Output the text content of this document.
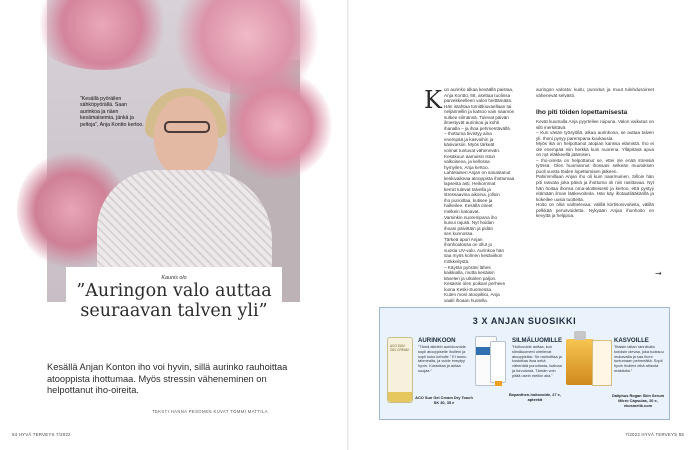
”Kesällä pyöräilen sähköpyörällä. Saan aurinkoa ja näen kesämaisemia, jänkä ja peltoja”, Anja Kontto kertoo.
Kaunis olo
”Auringon valo auttaa seuraavan talven yli”
Kesällä Anjan Konton iho voi hyvin, sillä aurinko rauhoittaa atooppista ihottumaa. Myös stressin väheneminen on helpottanut iho-oireita.
TEKSTI HANNA PESONEN KUVAT TOMMI MATTILA
54 HYVÄ TERVEYS 7/2022
K un aurinko alkaa keväällä paistaa,
Anja Kontto, 68, asettaa tuolinsa
parvekkeelleen valon heittämään.
Hän istahtaa tomittkiuvaellaan tai
neljännellin ja katsoo vain naamon
sulkee silmänsä. Tulevat päivän
ilmestyvät aurinkoa ja kohti
ihanalla – ja ihoa pehmentävällä.
– Ihottuma tiivistyy aina
enempää ja kasvoihin ja
käsivarsiin. Myös tärkeät
voimat tuntuvat vähenevän.
Kesäkuun aamuisin istun
valkoisena, ja kellossa
hymyilen, Anja kertoo.
Lahtelaisen Anjan on sanastanut
keskivaikeaa atooppista ihottumaa
lapsesta asti. Heikommat
kerrat tulevat talvella ja
stressaavina aikoina, jolloin
iho punoittaa, kutisee ja
halkeilee. Kesällä oireet
melkein katoavat.
Varsinkin nuorempana iho
kuivui rajusti. Nyt hoidan
ihoani päivittäin ja pidän
sen kunnossa.
Tärkeä apuri Anjan
ihonhoidossa on ollut jo
vuosia UV-valo. Aurinkoa hän
saa myös kolmen kesäviikon
mökkeilystä.
– Käytän pyöräni lähes
kaikkialla, mutta kesäisin
kävelen ja ulkoilen paljon.
Kesäisin olen poikani perheen
luona Keski-Suomessa.
Kuten moni atoopikko, Anja
vaalii ihoaan huolella.
auringon valosta: kuitu, punoitus ja muut tulehdusoireet vähenevät selvästi.
Iho piti töiden lopettamisesta
Kevät kuumalla Anja pyyrteliee ruipuna. Valon vaikutus on silti merkittävä.
– Kun väsän työsyöllä, alkaa aurinkona, se auttaa talven yli. Ihoni pysyy parempana kuukausia.
Myös ikä on helpottanut atopian kanssa elämistä. Iho ei ole enempää niin herkkä kuin nuorena. Ylläpitävä apua on nyt eläkkeellä jäämisen.
– Iho-oireita on helpottanut se, ettei ole enää stressiä työssä. Olen huomannut ihossani selkeän muutoksen puoli vuotta töiden lopettamisen jälkeen.
Pahimmillaan Anjan iho oli kuin naarmuinen. Silloin hän piti rasvata joka päivä ja ihottuma oli niin rasittavaa. Nyt hän hoitaa ihonsa oma-aloitteisesti ja kertoo, että pystyy elämään ilman lääkevoiteita. Hän käy ihotautilääkärillä ja kokeilee uusia tuotteita.
Hoito on ollut vaihtelevaa: välillä kortisonivoiteita, välillä pelkkää perusvoidetta. Nykyään Anjan ihonhoito on kevyttä ja helppoa.
→
7/2022 HYVÄ TERVEYS 55
3 X ANJAN SUOSIKKI
ACO SUN GEL CREAM
AURINKOON
”Tämä aitelein aurinkovoide sopii atooppiselle iholleni ja sopii koko keholle.” Ei tunnu tahmealta, ja voide imeytyy hyvin. Kostuttaa ja antaa suojaa.”
ACO Sun Gel Cream Dry Touch SK 30, 35 e
SILMÄLUOMILLE
”Hoitovoide auttaa, kun silmäluomeni oireilevat atooppisiksi. Se rauhoittaa ja kostuttaa ihoa sekä vähentää punoitusta, kutinaa ja turvotusta. Tämän voin pitää usein meikin alla.”
Bepanthen-hoitovoide, 27 e, apteekit
KASVOILLE
”Iltaisin laitan rannikolta kotoisin olevaa, joka tuoksuu mukavalta ja saa ihoni tuntumaan pehmeältä. Sopii hyvin iholleni eikä aiheuta reaktioita.”
Daliphus Rogan Skin Serum Micro Cápsulas, 20 e, ekosmetik.com
